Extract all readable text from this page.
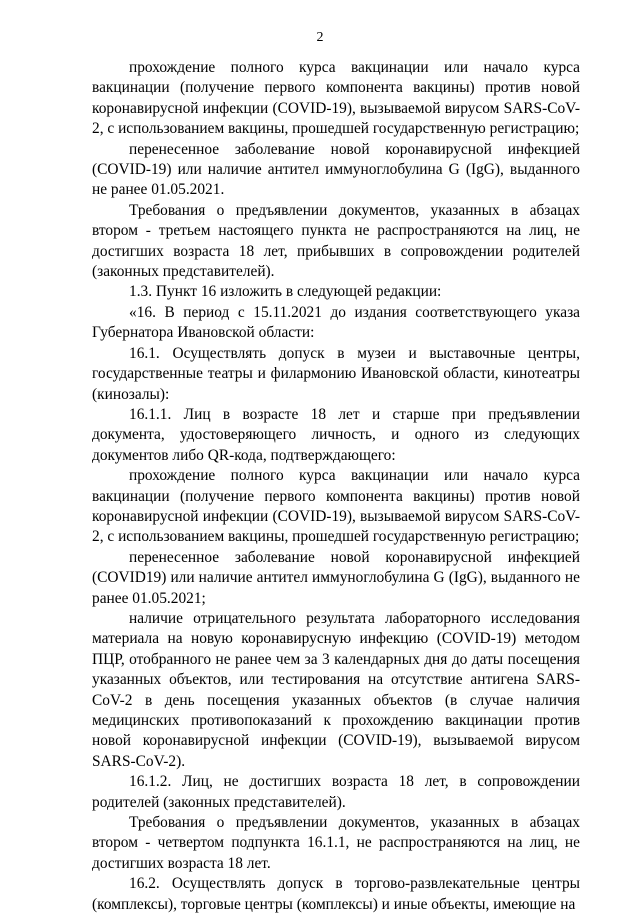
2

прохождение полного курса вакцинации или начало курса вакцинации (получение первого компонента вакцины) против новой коронавирусной инфекции (COVID-19), вызываемой вирусом SARS-CoV-2, с использованием вакцины, прошедшей государственную регистрацию;

перенесенное заболевание новой коронавирусной инфекцией (COVID-19) или наличие антител иммуноглобулина G (IgG), выданного не ранее 01.05.2021.

Требования о предъявлении документов, указанных в абзацах втором - третьем настоящего пункта не распространяются на лиц, не достигших возраста 18 лет, прибывших в сопровождении родителей (законных представителей).

1.3. Пункт 16 изложить в следующей редакции:

«16. В период с 15.11.2021 до издания соответствующего указа Губернатора Ивановской области:

16.1. Осуществлять допуск в музеи и выставочные центры, государственные театры и филармонию Ивановской области, кинотеатры (кинозалы):

16.1.1. Лиц в возрасте 18 лет и старше при предъявлении документа, удостоверяющего личность, и одного из следующих документов либо QR-кода, подтверждающего:

прохождение полного курса вакцинации или начало курса вакцинации (получение первого компонента вакцины) против новой коронавирусной инфекции (COVID-19), вызываемой вирусом SARS-CoV-2, с использованием вакцины, прошедшей государственную регистрацию;

перенесенное заболевание новой коронавирусной инфекцией (COVID19) или наличие антител иммуноглобулина G (IgG), выданного не ранее 01.05.2021;

наличие отрицательного результата лабораторного исследования материала на новую коронавирусную инфекцию (COVID-19) методом ПЦР, отобранного не ранее чем за 3 календарных дня до даты посещения указанных объектов, или тестирования на отсутствие антигена SARS-CoV-2 в день посещения указанных объектов (в случае наличия медицинских противопоказаний к прохождению вакцинации против новой коронавирусной инфекции (COVID-19), вызываемой вирусом SARS-CoV-2).

16.1.2. Лиц, не достигших возраста 18 лет, в сопровождении родителей (законных представителей).

Требования о предъявлении документов, указанных в абзацах втором - четвертом подпункта 16.1.1, не распространяются на лиц, не достигших возраста 18 лет.

16.2. Осуществлять допуск в торгово-развлекательные центры (комплексы), торговые центры (комплексы) и иные объекты, имеющие на
